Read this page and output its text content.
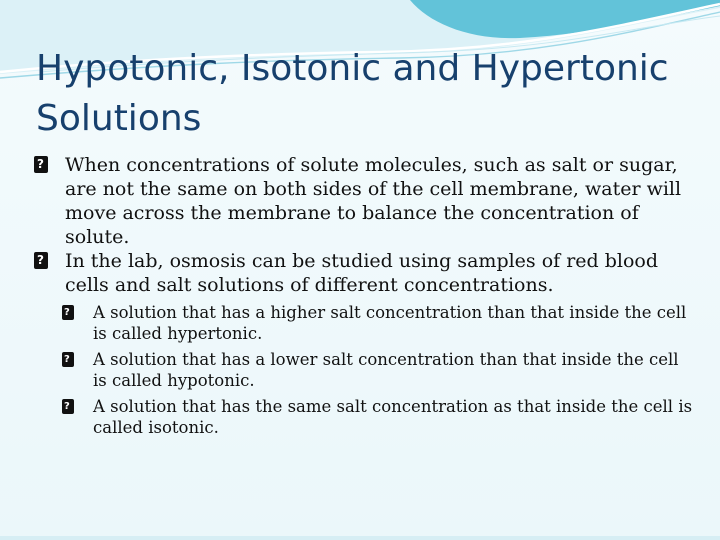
Hypotonic, Isotonic and Hypertonic Solutions
?
When concentrations of solute molecules, such as salt or sugar, are not the same on both sides of the cell membrane, water will move across the membrane to balance the concentration of solute.
?
In the lab, osmosis can be studied using samples of red blood cells and salt solutions of different concentrations.
?
A solution that has a higher salt concentration than that inside the cell is called hypertonic.
?
A solution that has a lower salt concentration than that inside the cell is called hypotonic.
?
A solution that has the same salt concentration as that inside the cell is called isotonic.
